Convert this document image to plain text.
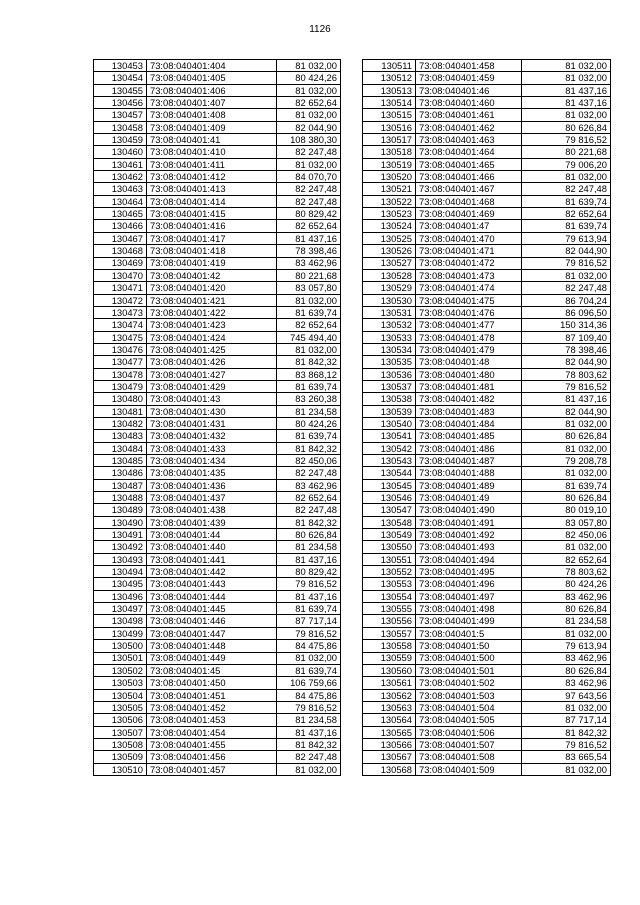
1126
130453	73:08:040401:404	81 032,00
130454	73:08:040401:405	80 424,26
130455	73:08:040401:406	81 032,00
130456	73:08:040401:407	82 652,64
130457	73:08:040401:408	81 032,00
130458	73:08:040401:409	82 044,90
130459	73:08:040401:41	108 380,30
130460	73:08:040401:410	82 247,48
130461	73:08:040401:411	81 032,00
130462	73:08:040401:412	84 070,70
130463	73:08:040401:413	82 247,48
130464	73:08:040401:414	82 247,48
130465	73:08:040401:415	80 829,42
130466	73:08:040401:416	82 652,64
130467	73:08:040401:417	81 437,16
130468	73:08:040401:418	78 398,46
130469	73:08:040401:419	83 462,96
130470	73:08:040401:42	80 221,68
130471	73:08:040401:420	83 057,80
130472	73:08:040401:421	81 032,00
130473	73:08:040401:422	81 639,74
130474	73:08:040401:423	82 652,64
130475	73:08:040401:424	745 494,40
130476	73:08:040401:425	81 032,00
130477	73:08:040401:426	81 842,32
130478	73:08:040401:427	83 868,12
130479	73:08:040401:429	81 639,74
130480	73:08:040401:43	83 260,38
130481	73:08:040401:430	81 234,58
130482	73:08:040401:431	80 424,26
130483	73:08:040401:432	81 639,74
130484	73:08:040401:433	81 842,32
130485	73:08:040401:434	82 450,06
130486	73:08:040401:435	82 247,48
130487	73:08:040401:436	83 462,96
130488	73:08:040401:437	82 652,64
130489	73:08:040401:438	82 247,48
130490	73:08:040401:439	81 842,32
130491	73:08:040401:44	80 626,84
130492	73:08:040401:440	81 234,58
130493	73:08:040401:441	81 437,16
130494	73:08:040401:442	80 829,42
130495	73:08:040401:443	79 816,52
130496	73:08:040401:444	81 437,16
130497	73:08:040401:445	81 639,74
130498	73:08:040401:446	87 717,14
130499	73:08:040401:447	79 816,52
130500	73:08:040401:448	84 475,86
130501	73:08:040401:449	81 032,00
130502	73:08:040401:45	81 639,74
130503	73:08:040401:450	106 759,66
130504	73:08:040401:451	84 475,86
130505	73:08:040401:452	79 816,52
130506	73:08:040401:453	81 234,58
130507	73:08:040401:454	81 437,16
130508	73:08:040401:455	81 842,32
130509	73:08:040401:456	82 247,48
130510	73:08:040401:457	81 032,00
130511	73:08:040401:458	81 032,00
130512	73:08:040401:459	81 032,00
130513	73:08:040401:46	81 437,16
130514	73:08:040401:460	81 437,16
130515	73:08:040401:461	81 032,00
130516	73:08:040401:462	80 626,84
130517	73:08:040401:463	79 816,52
130518	73:08:040401:464	80 221,68
130519	73:08:040401:465	79 006,20
130520	73:08:040401:466	81 032,00
130521	73:08:040401:467	82 247,48
130522	73:08:040401:468	81 639,74
130523	73:08:040401:469	82 652,64
130524	73:08:040401:47	81 639,74
130525	73:08:040401:470	79 613,94
130526	73:08:040401:471	82 044,90
130527	73:08:040401:472	79 816,52
130528	73:08:040401:473	81 032,00
130529	73:08:040401:474	82 247,48
130530	73:08:040401:475	86 704,24
130531	73:08:040401:476	86 096,50
130532	73:08:040401:477	150 314,36
130533	73:08:040401:478	87 109,40
130534	73:08:040401:479	78 398,46
130535	73:08:040401:48	82 044,90
130536	73:08:040401:480	78 803,62
130537	73:08:040401:481	79 816,52
130538	73:08:040401:482	81 437,16
130539	73:08:040401:483	82 044,90
130540	73:08:040401:484	81 032,00
130541	73:08:040401:485	80 626,84
130542	73:08:040401:486	81 032,00
130543	73:08:040401:487	79 208,78
130544	73:08:040401:488	81 032,00
130545	73:08:040401:489	81 639,74
130546	73:08:040401:49	80 626,84
130547	73:08:040401:490	80 019,10
130548	73:08:040401:491	83 057,80
130549	73:08:040401:492	82 450,06
130550	73:08:040401:493	81 032,00
130551	73:08:040401:494	82 652,64
130552	73:08:040401:495	78 803,62
130553	73:08:040401:496	80 424,26
130554	73:08:040401:497	83 462,96
130555	73:08:040401:498	80 626,84
130556	73:08:040401:499	81 234,58
130557	73:08:040401:5	81 032,00
130558	73:08:040401:50	79 613,94
130559	73:08:040401:500	83 462,96
130560	73:08:040401:501	80 626,84
130561	73:08:040401:502	83 462,96
130562	73:08:040401:503	97 643,56
130563	73:08:040401:504	81 032,00
130564	73:08:040401:505	87 717,14
130565	73:08:040401:506	81 842,32
130566	73:08:040401:507	79 816,52
130567	73:08:040401:508	83 665,54
130568	73:08:040401:509	81 032,00
